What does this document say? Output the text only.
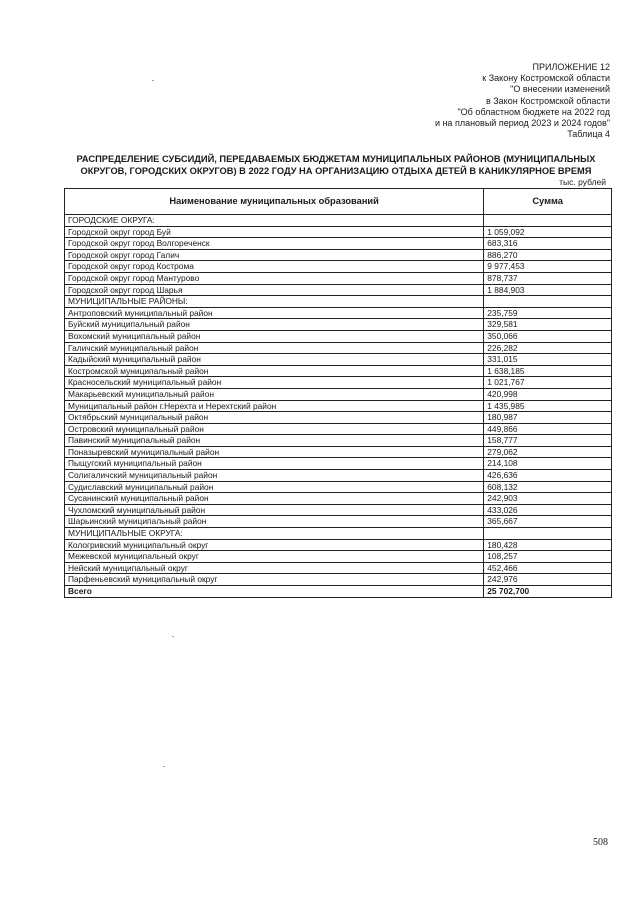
ПРИЛОЖЕНИЕ 12
к Закону Костромской области
"О внесении изменений
в Закон Костромской области
"Об областном бюджете на 2022 год
и на плановый период 2023 и 2024 годов"
Таблица 4
РАСПРЕДЕЛЕНИЕ СУБСИДИЙ, ПЕРЕДАВАЕМЫХ БЮДЖЕТАМ МУНИЦИПАЛЬНЫХ РАЙОНОВ (МУНИЦИПАЛЬНЫХ
ОКРУГОВ, ГОРОДСКИХ ОКРУГОВ) В 2022 ГОДУ НА ОРГАНИЗАЦИЮ ОТДЫХА ДЕТЕЙ В КАНИКУЛЯРНОЕ ВРЕМЯ
тыс. рублей
Наименование муниципальных образований	Сумма
ГОРОДСКИЕ ОКРУГА:	
Городской округ город Буй	1 059,092
Городской округ город Волгореченск	683,316
Городской округ город Галич	886,270
Городской округ город Кострома	9 977,453
Городской округ город Мантурово	878,737
Городской округ город Шарья	1 884,903
МУНИЦИПАЛЬНЫЕ РАЙОНЫ:	
Антроповский муниципальный район	235,759
Буйский муниципальный район	329,581
Вохомский муниципальный район	350,066
Галичский муниципальный район	226,282
Кадыйский муниципальный район	331,015
Костромской муниципальный район	1 638,185
Красносельский муниципальный район	1 021,767
Макарьевский муниципальный район	420,998
Муниципальный район г.Нерехта и Нерехтский район	1 435,985
Октябрьский муниципальный район	180,987
Островский муниципальный район	449,866
Павинский муниципальный район	158,777
Поназыревский муниципальный район	279,062
Пыщугский муниципальный район	214,108
Солигаличский муниципальный район	426,636
Судиславский муниципальный район	608,132
Сусанинский муниципальный район	242,903
Чухломский муниципальный район	433,026
Шарьинский муниципальный район	365,667
МУНИЦИПАЛЬНЫЕ ОКРУГА:	
Кологривский муниципальный округ	180,428
Межевской муниципальный округ	108,257
Нейский муниципальный округ	452,466
Парфеньевский муниципальный округ	242,976
Всего	25 702,700
508
